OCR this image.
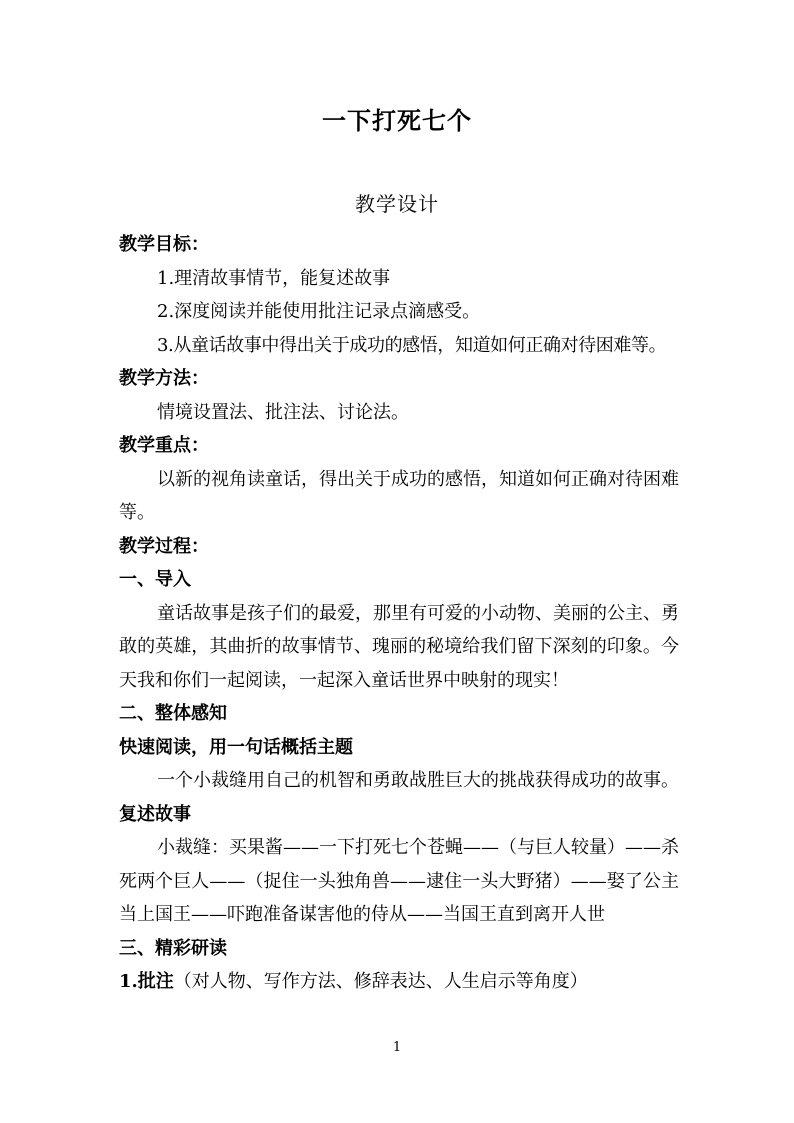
一下打死七个
教学设计

教学目标：

1.理清故事情节，能复述故事

2.深度阅读并能使用批注记录点滴感受。

3.从童话故事中得出关于成功的感悟，知道如何正确对待困难等。

教学方法：

情境设置法、批注法、讨论法。

教学重点：

以新的视角读童话，得出关于成功的感悟，知道如何正确对待困难等。

教学过程：

一、导入

童话故事是孩子们的最爱，那里有可爱的小动物、美丽的公主、勇敢的英雄，其曲折的故事情节、瑰丽的秘境给我们留下深刻的印象。今天我和你们一起阅读，一起深入童话世界中映射的现实！

二、整体感知

快速阅读，用一句话概括主题

一个小裁缝用自己的机智和勇敢战胜巨大的挑战获得成功的故事。

复述故事

小裁缝：买果酱——一下打死七个苍蝇——（与巨人较量）——杀死两个巨人——（捉住一头独角兽——逮住一头大野猪）——娶了公主当上国王——吓跑准备谋害他的侍从——当国王直到离开人世

三、精彩研读

1.批注（对人物、写作方法、修辞表达、人生启示等角度）

1
